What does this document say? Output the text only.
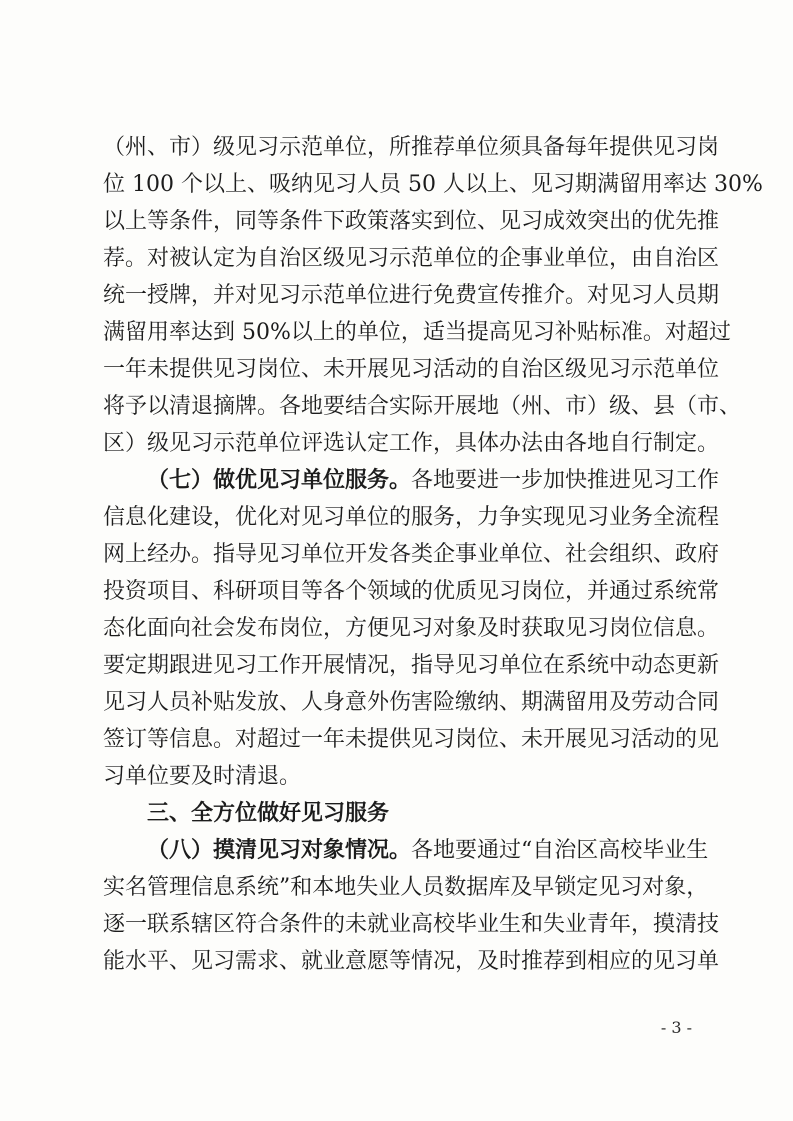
（州、市）级见习示范单位，所推荐单位须具备每年提供见习岗
位 100 个以上、吸纳见习人员 50 人以上、见习期满留用率达 30%
以上等条件，同等条件下政策落实到位、见习成效突出的优先推
荐。对被认定为自治区级见习示范单位的企事业单位，由自治区
统一授牌，并对见习示范单位进行免费宣传推介。对见习人员期
满留用率达到 50%以上的单位，适当提高见习补贴标准。对超过
一年未提供见习岗位、未开展见习活动的自治区级见习示范单位
将予以清退摘牌。各地要结合实际开展地（州、市）级、县（市、
区）级见习示范单位评选认定工作，具体办法由各地自行制定。
（七）做优见习单位服务。各地要进一步加快推进见习工作
信息化建设，优化对见习单位的服务，力争实现见习业务全流程
网上经办。指导见习单位开发各类企事业单位、社会组织、政府
投资项目、科研项目等各个领域的优质见习岗位，并通过系统常
态化面向社会发布岗位，方便见习对象及时获取见习岗位信息。
要定期跟进见习工作开展情况，指导见习单位在系统中动态更新
见习人员补贴发放、人身意外伤害险缴纳、期满留用及劳动合同
签订等信息。对超过一年未提供见习岗位、未开展见习活动的见
习单位要及时清退。
三、全方位做好见习服务
（八）摸清见习对象情况。各地要通过“自治区高校毕业生
实名管理信息系统”和本地失业人员数据库及早锁定见习对象，
逐一联系辖区符合条件的未就业高校毕业生和失业青年，摸清技
能水平、见习需求、就业意愿等情况，及时推荐到相应的见习单
- 3 -
